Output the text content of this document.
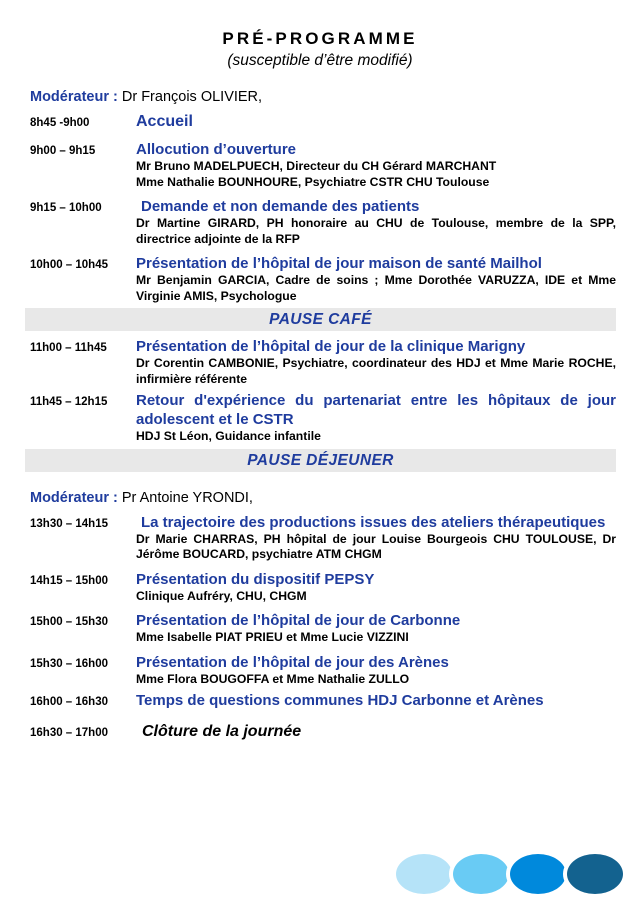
PRÉ-PROGRAMME
(susceptible d’être modifié)
Modérateur : Dr François OLIVIER,
8h45 -9h00	Accueil
9h00 – 9h15	Allocution d’ouverture
Mr Bruno MADELPUECH, Directeur du CH Gérard MARCHANT
Mme Nathalie BOUNHOURE, Psychiatre CSTR CHU Toulouse
9h15 – 10h00	Demande et non demande des patients
Dr Martine GIRARD, PH honoraire au CHU de Toulouse, membre de la SPP, directrice adjointe de la RFP
10h00 – 10h45	Présentation de l’hôpital de jour maison de santé Mailhol
Mr Benjamin GARCIA, Cadre de soins ; Mme Dorothée VARUZZA, IDE et Mme Virginie AMIS, Psychologue
PAUSE CAFÉ
11h00 – 11h45	Présentation de l’hôpital de jour de la clinique Marigny
Dr Corentin CAMBONIE, Psychiatre, coordinateur des HDJ et Mme Marie ROCHE, infirmière référente
11h45 – 12h15	Retour d'expérience du partenariat entre les hôpitaux de jour adolescent et le CSTR
HDJ St Léon, Guidance infantile
PAUSE DÉJEUNER
Modérateur : Pr Antoine YRONDI,
13h30 – 14h15	La trajectoire des productions issues des ateliers thérapeutiques
Dr Marie CHARRAS, PH hôpital de jour Louise Bourgeois CHU TOULOUSE, Dr Jérôme BOUCARD, psychiatre ATM CHGM
14h15 – 15h00	Présentation du dispositif PEPSY
Clinique Aufréry, CHU, CHGM
15h00 – 15h30	Présentation de l’hôpital de jour de Carbonne
Mme Isabelle PIAT PRIEU et Mme Lucie VIZZINI
15h30 – 16h00	Présentation de l’hôpital de jour des Arènes
Mme Flora BOUGOFFA et Mme Nathalie ZULLO
16h00 – 16h30	Temps de questions communes HDJ Carbonne et Arènes
16h30 – 17h00	Clôture de la journée
